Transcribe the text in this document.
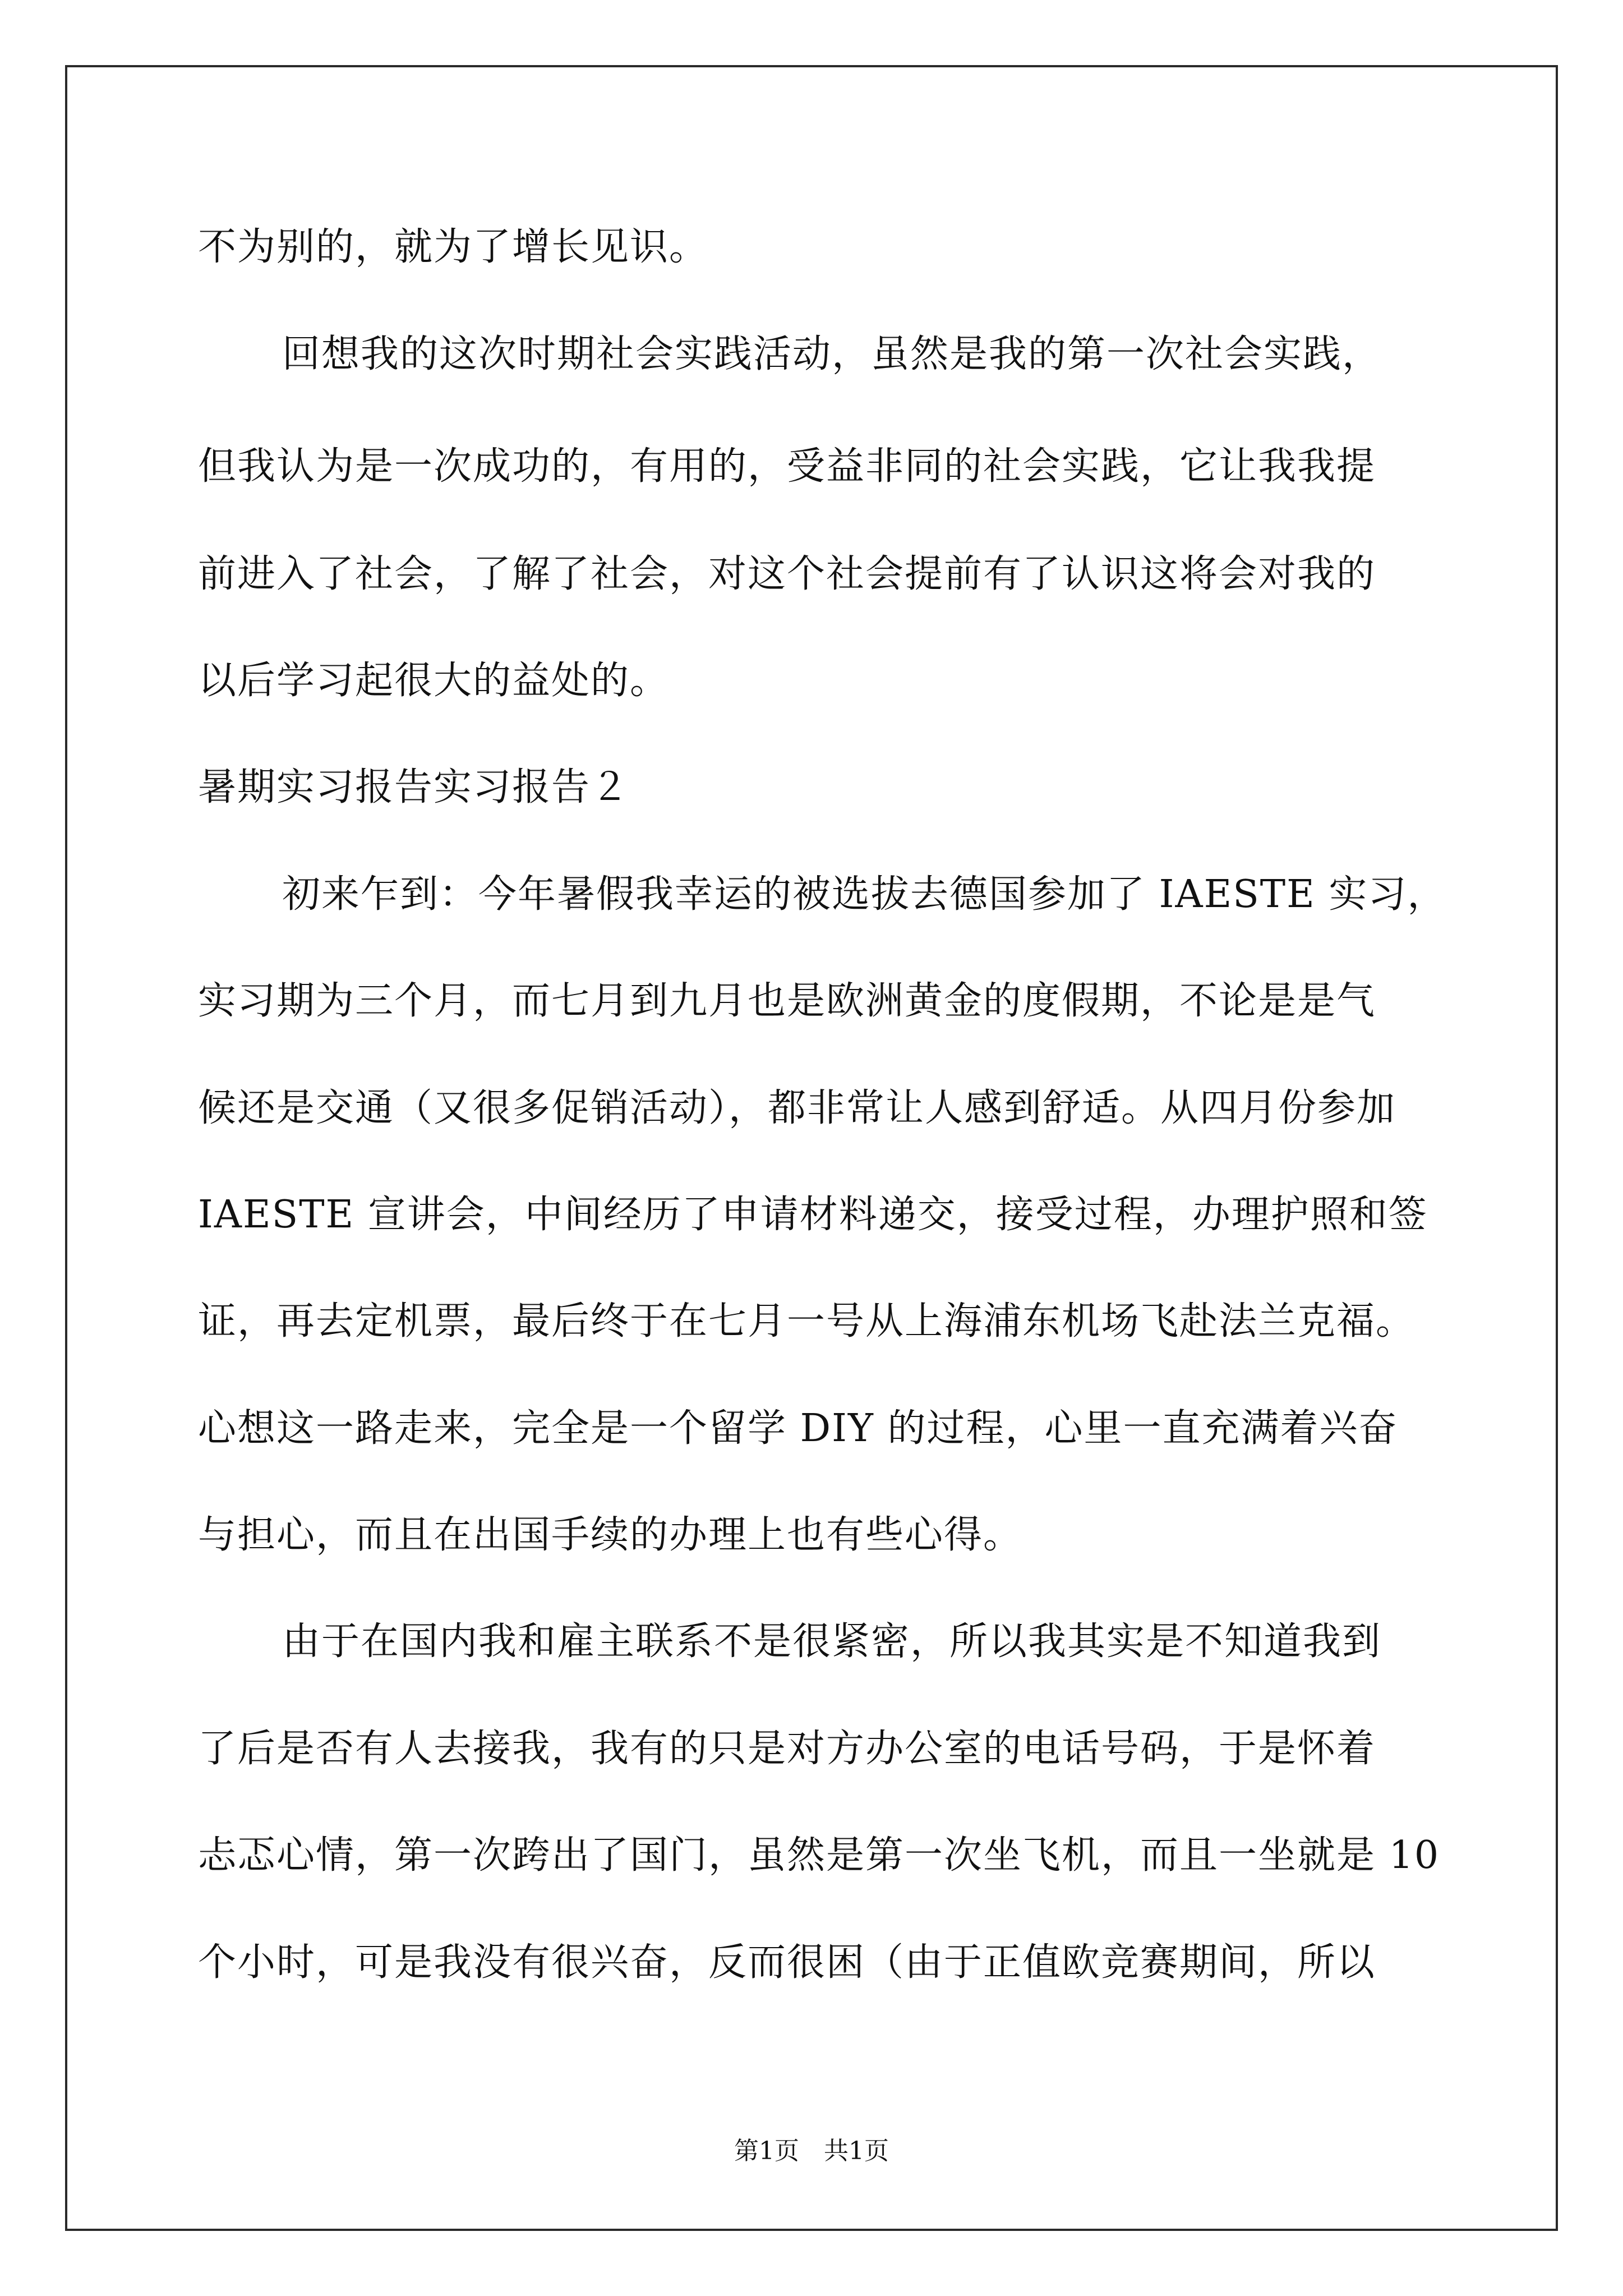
不为别的，就为了增长见识。
回想我的这次时期社会实践活动，虽然是我的第一次社会实践，
但我认为是一次成功的，有用的，受益非同的社会实践，它让我我提
前进入了社会，了解了社会，对这个社会提前有了认识这将会对我的
以后学习起很大的益处的。
暑期实习报告实习报告２
初来乍到：今年暑假我幸运的被选拔去德国参加了 IAESTE 实习，
实习期为三个月，而七月到九月也是欧洲黄金的度假期，不论是是气
候还是交通（又很多促销活动），都非常让人感到舒适。从四月份参加
IAESTE 宣讲会，中间经历了申请材料递交，接受过程，办理护照和签
证，再去定机票，最后终于在七月一号从上海浦东机场飞赴法兰克福。
心想这一路走来，完全是一个留学 DIY 的过程，心里一直充满着兴奋
与担心，而且在出国手续的办理上也有些心得。
由于在国内我和雇主联系不是很紧密，所以我其实是不知道我到
了后是否有人去接我，我有的只是对方办公室的电话号码，于是怀着
忐忑心情，第一次跨出了国门，虽然是第一次坐飞机，而且一坐就是 10
个小时，可是我没有很兴奋，反而很困（由于正值欧竞赛期间，所以
第1页　共1页
